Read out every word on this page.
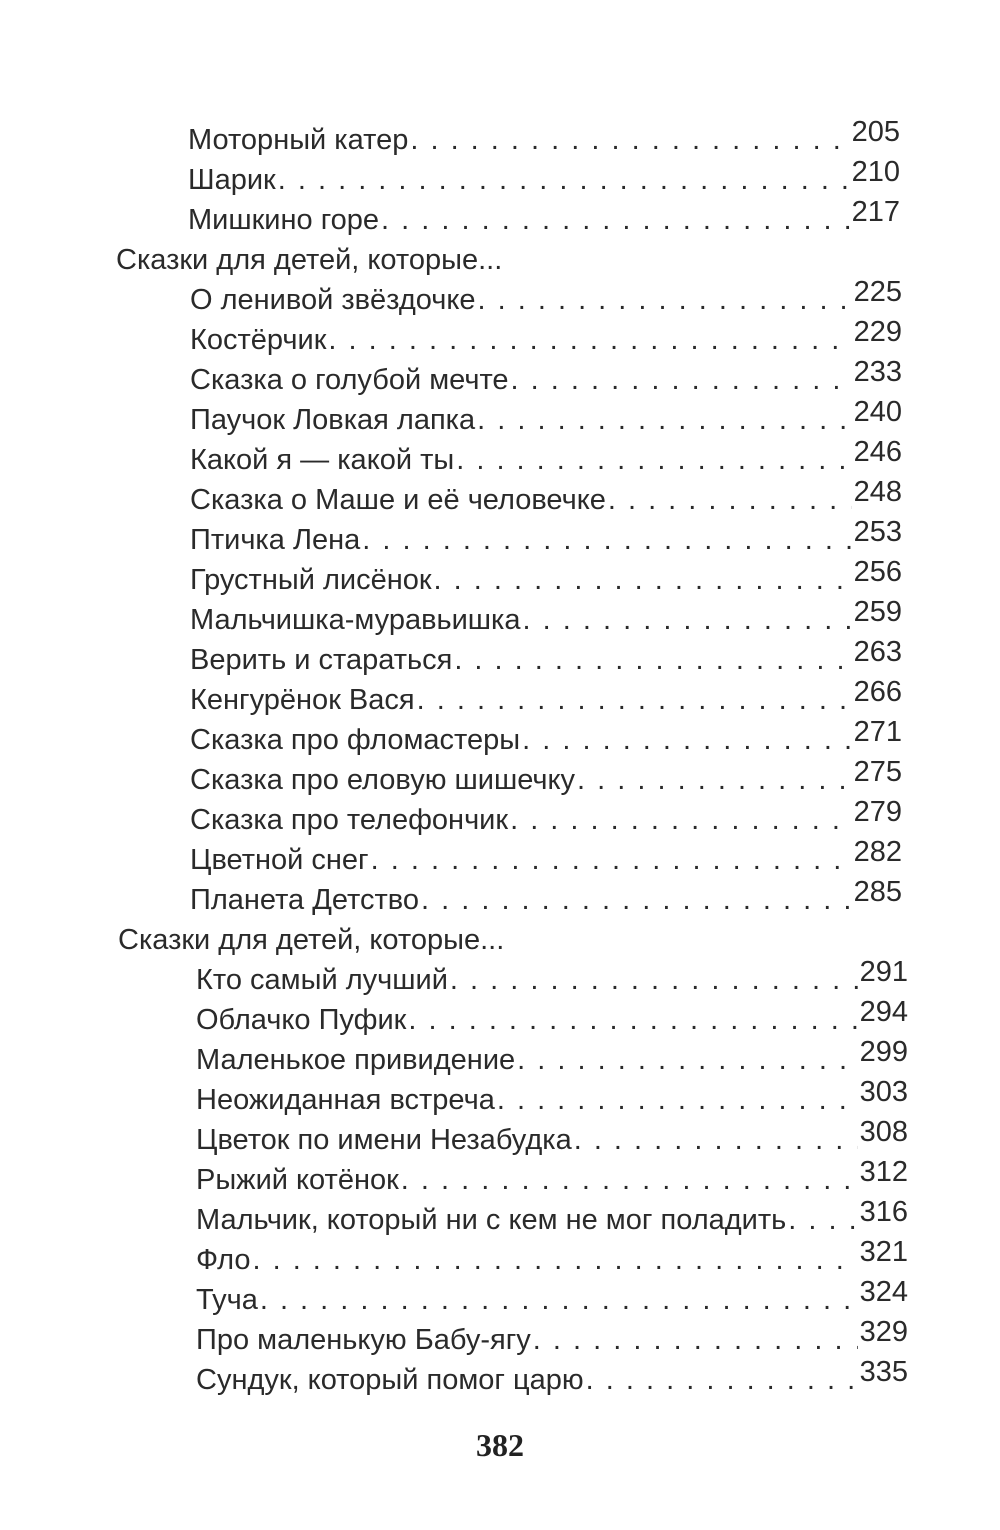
Моторный катер . . .	205
Шарик . . .	210
Мишкино горе . . .	217
Сказки для детей, которые...
О ленивой звёздочке . . .	225
Костёрчик . . .	229
Сказка о голубой мечте . . .	233
Паучок Ловкая лапка . . .	240
Какой я — какой ты . . .	246
Сказка о Маше и её человечке . . .	248
Птичка Лена . . .	253
Грустный лисёнок . . .	256
Мальчишка-муравьишка . . .	259
Верить и стараться . . .	263
Кенгурёнок Вася . . .	266
Сказка про фломастеры . . .	271
Сказка про еловую шишечку . . .	275
Сказка про телефончик . . .	279
Цветной снег . . .	282
Планета Детство . . .	285
Сказки для детей, которые...
Кто самый лучший . . .	291
Облачко Пуфик . . .	294
Маленькое привидение . . .	299
Неожиданная встреча . . .	303
Цветок по имени Незабудка . . .	308
Рыжий котёнок . . .	312
Мальчик, который ни с кем не мог поладить . . .	316
Фло . . .	321
Туча . . .	324
Про маленькую Бабу-ягу . . .	329
Сундук, который помог царю . . .	335
382
